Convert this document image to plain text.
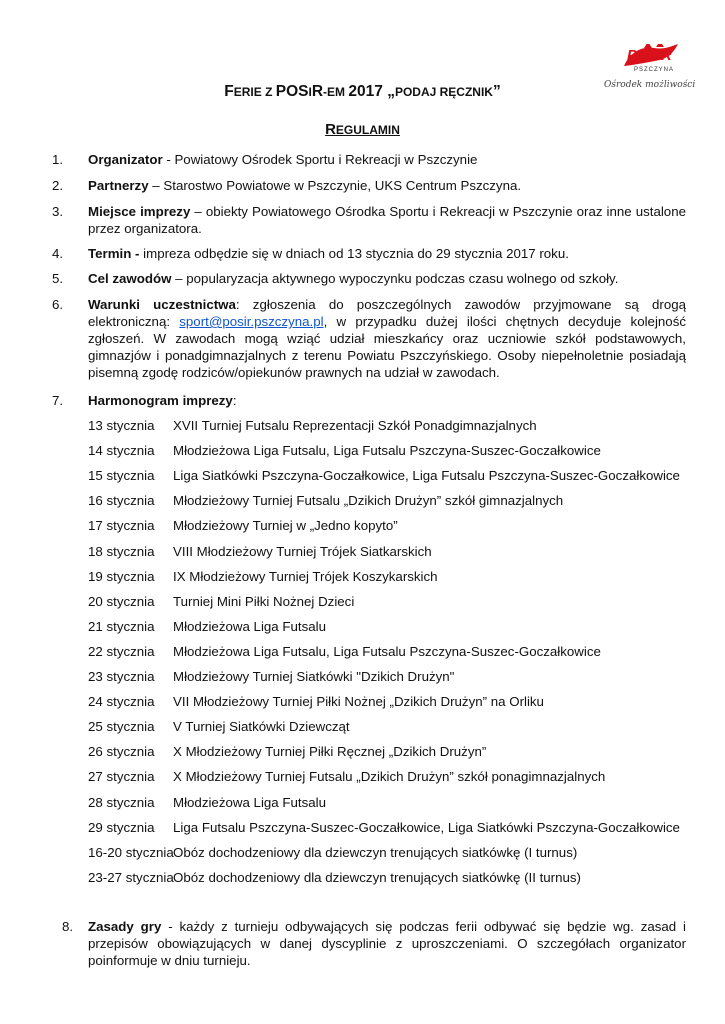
POSiR
PSZCZYNA
Ośrodek możliwości
FERIE Z POSIR-EM 2017 „PODAJ RĘCZNIK”
REGULAMIN
1. Organizator - Powiatowy Ośrodek Sportu i Rekreacji w Pszczynie
2. Partnerzy – Starostwo Powiatowe w Pszczynie, UKS Centrum Pszczyna.
3. Miejsce imprezy – obiekty Powiatowego Ośrodka Sportu i Rekreacji w Pszczynie oraz inne ustalone przez organizatora.
4. Termin - impreza odbędzie się w dniach od 13 stycznia do 29 stycznia 2017 roku.
5. Cel zawodów – popularyzacja aktywnego wypoczynku podczas czasu wolnego od szkoły.
6. Warunki uczestnictwa: zgłoszenia do poszczególnych zawodów przyjmowane są drogą elektroniczną: sport@posir.pszczyna.pl, w przypadku dużej ilości chętnych decyduje kolejność zgłoszeń. W zawodach mogą wziąć udział mieszkańcy oraz uczniowie szkół podstawowych, gimnazjów i ponadgimnazjalnych z terenu Powiatu Pszczyńskiego. Osoby niepełnoletnie posiadają pisemną zgodę rodziców/opiekunów prawnych na udział w zawodach.
7. Harmonogram imprezy:
13 stycznia XVII Turniej Futsalu Reprezentacji Szkół Ponadgimnazjalnych
14 stycznia Młodzieżowa Liga Futsalu, Liga Futsalu Pszczyna-Suszec-Goczałkowice
15 stycznia Liga Siatkówki Pszczyna-Goczałkowice, Liga Futsalu Pszczyna-Suszec-Goczałkowice
16 stycznia Młodzieżowy Turniej Futsalu „Dzikich Drużyn” szkół gimnazjalnych
17 stycznia Młodzieżowy Turniej w „Jedno kopyto”
18 stycznia VIII Młodzieżowy Turniej Trójek Siatkarskich
19 stycznia IX Młodzieżowy Turniej Trójek Koszykarskich
20 stycznia Turniej Mini Piłki Nożnej Dzieci
21 stycznia Młodzieżowa Liga Futsalu
22 stycznia Młodzieżowa Liga Futsalu, Liga Futsalu Pszczyna-Suszec-Goczałkowice
23 stycznia Młodzieżowy Turniej Siatkówki "Dzikich Drużyn"
24 stycznia VII Młodzieżowy Turniej Piłki Nożnej „Dzikich Drużyn” na Orliku
25 stycznia V Turniej Siatkówki Dziewcząt
26 stycznia X Młodzieżowy Turniej Piłki Ręcznej „Dzikich Drużyn”
27 stycznia X Młodzieżowy Turniej Futsalu „Dzikich Drużyn” szkół ponagimnazjalnych
28 stycznia Młodzieżowa Liga Futsalu
29 stycznia Liga Futsalu Pszczyna-Suszec-Goczałkowice, Liga Siatkówki Pszczyna-Goczałkowice
16-20 stycznia Obóz dochodzeniowy dla dziewczyn trenujących siatkówkę (I turnus)
23-27 stycznia Obóz dochodzeniowy dla dziewczyn trenujących siatkówkę (II turnus)
8. Zasady gry - każdy z turnieju odbywających się podczas ferii odbywać się będzie wg. zasad i przepisów obowiązujących w danej dyscyplinie z uproszczeniami. O szczegółach organizator poinformuje w dniu turnieju.
